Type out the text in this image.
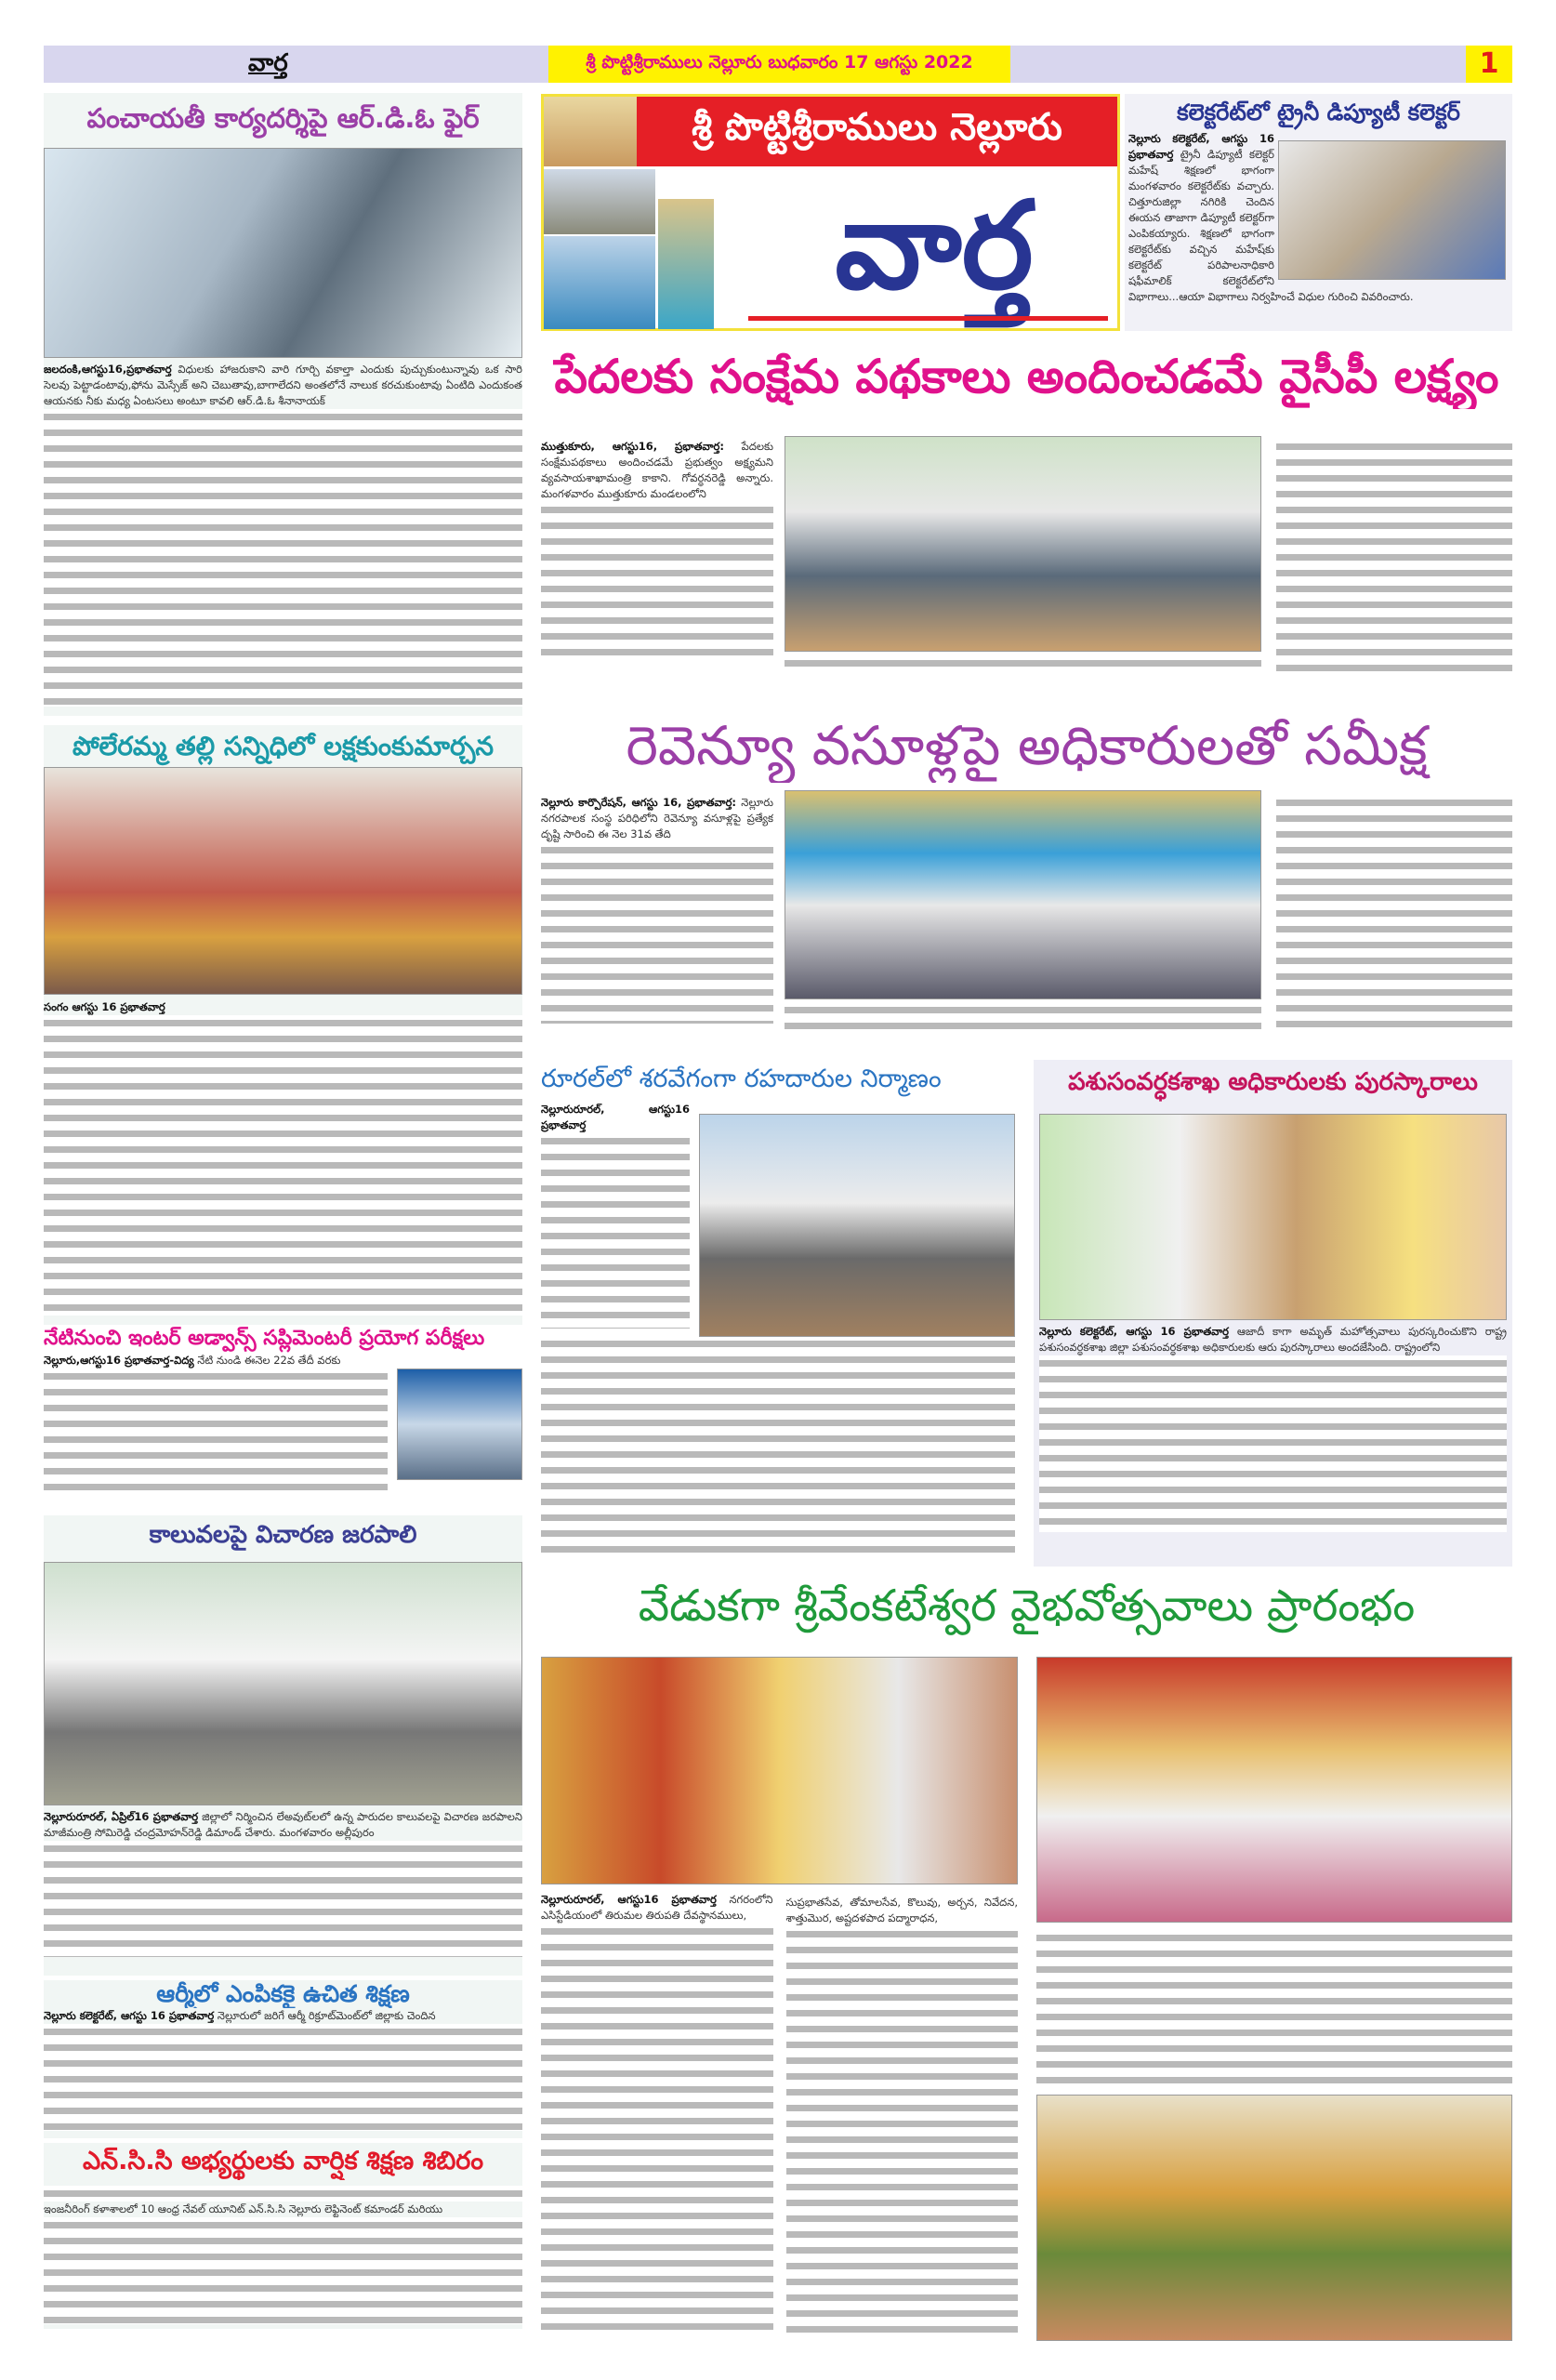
వార్త	శ్రీ పొట్టిశ్రీరాములు నెల్లూరు బుధవారం 17 ఆగస్టు 2022	1
పంచాయతీ కార్యదర్శిపై ఆర్.డి.ఓ ఫైర్
జలదంకి,ఆగస్టు16,ప్రభాతవార్త విధులకు హాజరుకాని వారి గూర్చి వకాల్తా ఎందుకు పుచ్చుకుంటున్నావు ఒక సారి సెలవు పెట్టాడంటావు,ఫోను మెస్సేజ్ అని చెబుతావు,బాగాలేదని అంతలోనే నాలుక కరచుకుంటావు ఏంటిది ఎందుకంత ఆయనకు నీకు మధ్య ఏంటసలు అంటూ కావలి ఆర్.డి.ఓ శీనానాయక్
పోలేరమ్మ తల్లి సన్నిధిలో లక్షకుంకుమార్చన
సంగం ఆగస్టు 16 ప్రభాతవార్త
నేటినుంచి ఇంటర్ అడ్వాన్స్ సప్లిమెంటరీ ప్రయోగ పరీక్షలు
నెల్లూరు,ఆగస్టు16 ప్రభాతవార్త-విద్య నేటి నుండి ఈనెల 22వ తేదీ వరకు
కాలువలపై విచారణ జరపాలి
నెల్లూరురూరల్, ఏప్రిల్16 ప్రభాతవార్త జిల్లాలో నిర్మించిన లేఅవుట్‌లలో ఉన్న పారుదల కాలువలపై విచారణ జరపాలని మాజీమంత్రి సోమిరెడ్డి చంద్రమోహన్‌రెడ్డి డిమాండ్ చేశారు. మంగళవారం అల్లీపురం
ఆర్మీలో ఎంపికకై ఉచిత శిక్షణ
నెల్లూరు కలెక్టరేట్, ఆగస్టు 16 ప్రభాతవార్త నెల్లూరులో జరిగే ఆర్మీ రిక్రూట్‌మెంట్‌లో జిల్లాకు చెందిన
ఎన్.సి.సి అభ్యర్థులకు వార్షిక శిక్షణ శిబిరం
ఇంజనీరింగ్ కళాశాలలో 10 ఆంధ్ర నేవల్ యూనిట్ ఎన్.సి.సి నెల్లూరు లెఫ్టినెంట్ కమాండర్ మరియు
శ్రీ పొట్టిశ్రీరాములు నెల్లూరు
వార్త
కలెక్టరేట్‌లో ట్రైనీ డిప్యూటీ కలెక్టర్
నెల్లూరు కలెక్టరేట్, ఆగస్టు 16 ప్రభాతవార్త ట్రైనీ డిప్యూటీ కలెక్టర్ మహేష్ శిక్షణలో భాగంగా మంగళవారం కలెక్టరేట్‌కు వచ్చారు. చిత్తూరుజిల్లా నగిరికి చెందిన ఈయన తాజాగా డిప్యూటీ కలెక్టర్‌గా ఎంపికయ్యారు. శిక్షణలో భాగంగా కలెక్టరేట్‌కు వచ్చిన మహేష్‌కు కలెక్టరేట్ పరిపాలనాధికారి షఫీమాలిక్ కలెక్టరేట్‌లోని విభాగాలు...ఆయా విభాగాలు నిర్వహించే విధుల గురించి వివరించారు.
పేదలకు సంక్షేమ పథకాలు అందించడమే వైసీపీ లక్ష్యం
ముత్తుకూరు, ఆగస్టు16, ప్రభాతవార్త: పేదలకు సంక్షేమపథకాలు అందించడమే ప్రభుత్వం అక్ష్యమని వ్యవసాయశాఖామంత్రి కాకాని. గోవర్ధనరెడ్డి అన్నారు. మంగళవారం ముత్తుకూరు మండలంలోని
రెవెన్యూ వసూళ్లపై అధికారులతో సమీక్ష
నెల్లూరు కార్పొరేషన్, ఆగస్టు 16, ప్రభాతవార్త: నెల్లూరు నగరపాలక సంస్థ పరిధిలోని రెవెన్యూ వసూళ్లపై ప్రత్యేక దృష్టి సారించి ఈ నెల 31వ తేది
రూరల్‌లో శరవేగంగా రహదారుల నిర్మాణం
నెల్లూరురూరల్, ఆగస్టు16 ప్రభాతవార్త
పశుసంవర్ధకశాఖ అధికారులకు పురస్కారాలు
నెల్లూరు కలెక్టరేట్, ఆగస్టు 16 ప్రభాతవార్త ఆజాదీ కాగా అమృత్ మహోత్సవాలు పురస్కరించుకొని రాష్ట్ర పశుసంవర్ధకశాఖ జిల్లా పశుసంవర్ధకశాఖ అధికారులకు ఆరు పురస్కారాలు అందజేసింది. రాష్ట్రంలోని
వేడుకగా శ్రీవేంకటేశ్వర వైభవోత్సవాలు ప్రారంభం
నెల్లూరురూరల్, ఆగస్టు16 ప్రభాతవార్త నగరంలోని ఎసిస్టేడియంలో తిరుమల తిరుపతి దేవస్థానములు,
సుప్రభాతసేవ, తోమాలసేవ, కొలువు, అర్చన, నివేదన, శాత్తుమొర, అష్టదళపాద పద్మారాధన,
